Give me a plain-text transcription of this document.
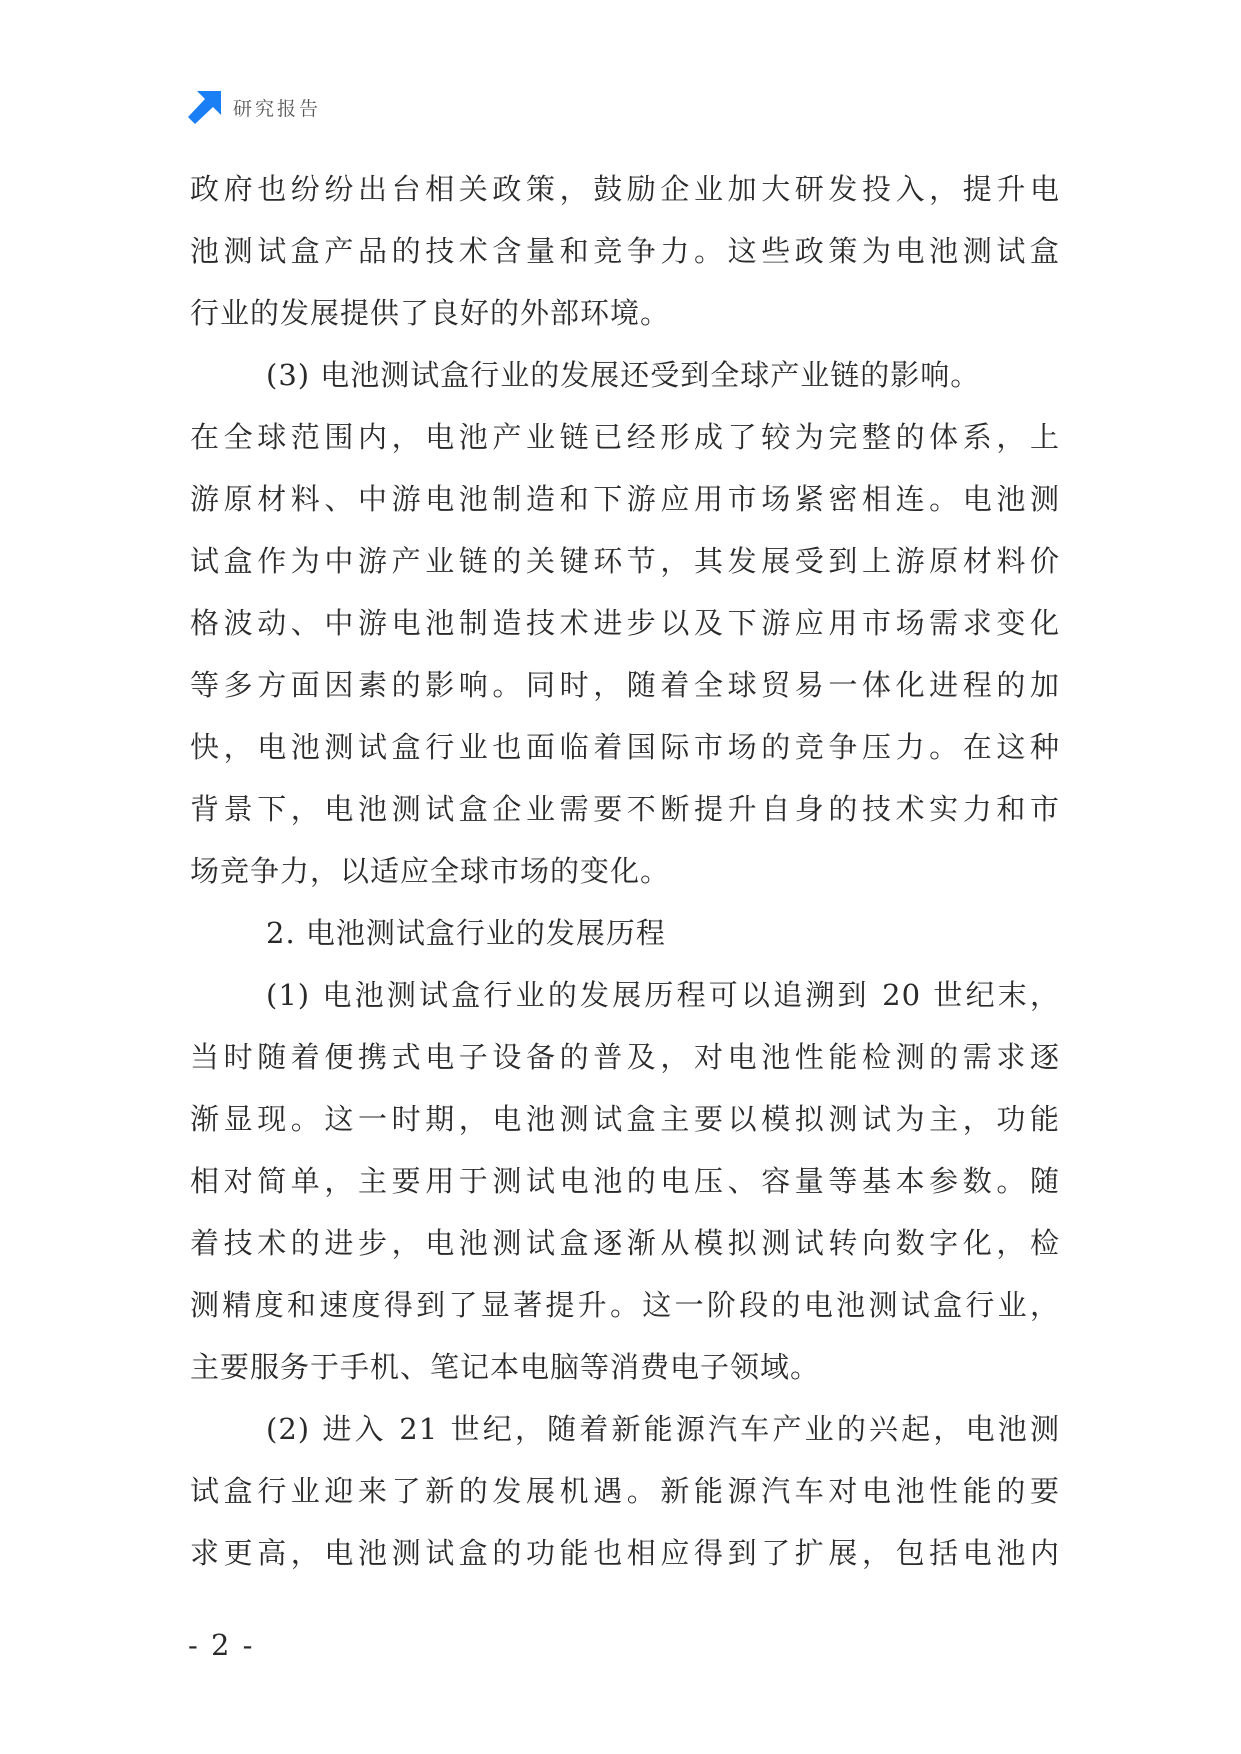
研究报告
政府也纷纷出台相关政策，鼓励企业加大研发投入，提升电
池测试盒产品的技术含量和竞争力。这些政策为电池测试盒
行业的发展提供了良好的外部环境。
(3) 电池测试盒行业的发展还受到全球产业链的影响。
在全球范围内，电池产业链已经形成了较为完整的体系，上
游原材料、中游电池制造和下游应用市场紧密相连。电池测
试盒作为中游产业链的关键环节，其发展受到上游原材料价
格波动、中游电池制造技术进步以及下游应用市场需求变化
等多方面因素的影响。同时，随着全球贸易一体化进程的加
快，电池测试盒行业也面临着国际市场的竞争压力。在这种
背景下，电池测试盒企业需要不断提升自身的技术实力和市
场竞争力，以适应全球市场的变化。
2. 电池测试盒行业的发展历程
(1) 电池测试盒行业的发展历程可以追溯到 20 世纪末，
当时随着便携式电子设备的普及，对电池性能检测的需求逐
渐显现。这一时期，电池测试盒主要以模拟测试为主，功能
相对简单，主要用于测试电池的电压、容量等基本参数。随
着技术的进步，电池测试盒逐渐从模拟测试转向数字化，检
测精度和速度得到了显著提升。这一阶段的电池测试盒行业，
主要服务于手机、笔记本电脑等消费电子领域。
(2) 进入 21 世纪，随着新能源汽车产业的兴起，电池测
试盒行业迎来了新的发展机遇。新能源汽车对电池性能的要
求更高，电池测试盒的功能也相应得到了扩展，包括电池内
- 2 -
